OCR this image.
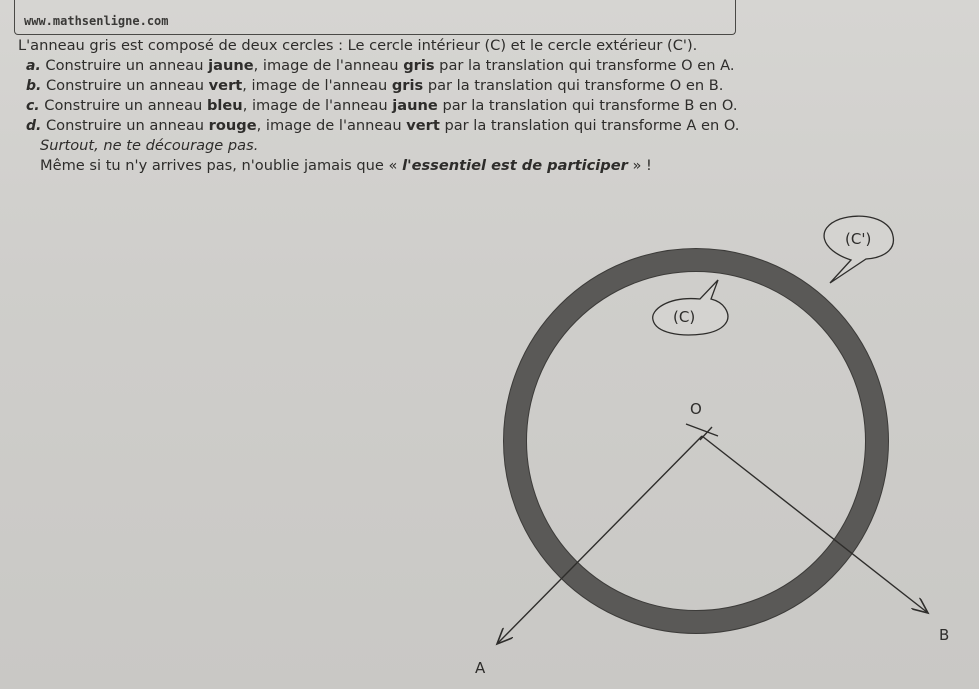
www.mathsenligne.com
L'anneau gris est composé de deux cercles : Le cercle intérieur (C) et le cercle extérieur (C').
a. Construire un anneau jaune, image de l'anneau gris par la translation qui transforme O en A.
b. Construire un anneau vert, image de l'anneau gris par la translation qui transforme O en B.
c. Construire un anneau bleu, image de l'anneau jaune par la translation qui transforme B en O.
d. Construire un anneau rouge, image de l'anneau vert par la translation qui transforme A en O.
Surtout, ne te décourage pas.
Même si tu n'y arrives pas, n'oublie jamais que « l'essentiel est de participer » !
(C')
(C)
O
A
B
